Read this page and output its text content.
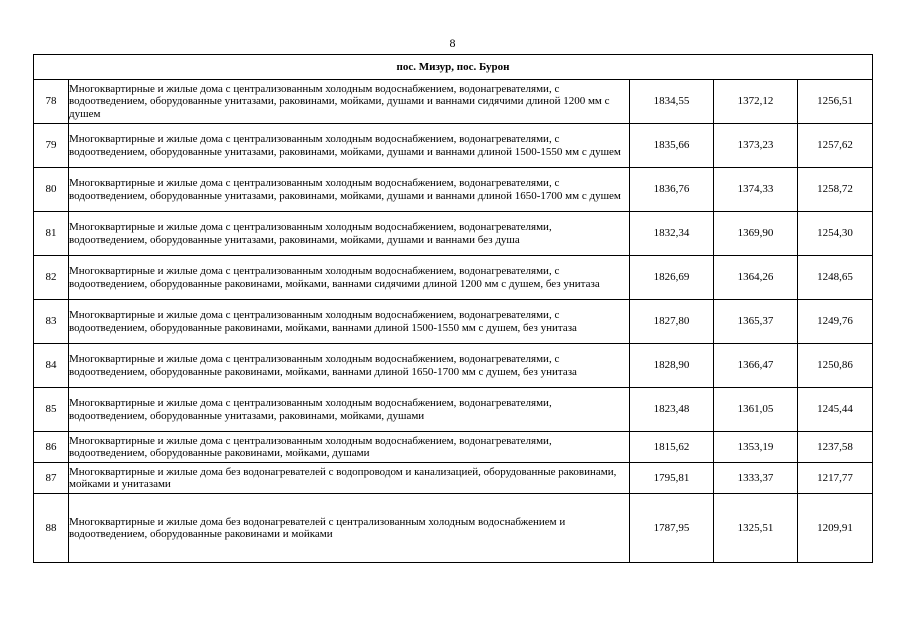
8
пос. Мизур, пос. Бурон				
78	Многоквартирные и жилые дома с централизованным холодным водоснабжением, водонагревателями, с водоотведением, оборудованные унитазами, раковинами, мойками, душами и ваннами сидячими длиной 1200 мм с душем	1834,55	1372,12	1256,51
79	Многоквартирные и жилые дома с централизованным холодным водоснабжением, водонагревателями, с водоотведением, оборудованные унитазами, раковинами, мойками, душами и ваннами длиной 1500-1550 мм с душем	1835,66	1373,23	1257,62
80	Многоквартирные и жилые дома с централизованным холодным водоснабжением, водонагревателями, с водоотведением, оборудованные унитазами, раковинами, мойками, душами и ваннами длиной 1650-1700 мм с душем	1836,76	1374,33	1258,72
81	Многоквартирные и жилые дома с централизованным холодным водоснабжением, водонагревателями, водоотведением, оборудованные унитазами, раковинами, мойками, душами и ваннами без душа	1832,34	1369,90	1254,30
82	Многоквартирные и жилые дома с централизованным холодным водоснабжением, водонагревателями, с водоотведением, оборудованные раковинами, мойками, ваннами сидячими длиной 1200 мм с душем, без унитаза	1826,69	1364,26	1248,65
83	Многоквартирные и жилые дома с централизованным холодным водоснабжением, водонагревателями, с водоотведением, оборудованные раковинами, мойками, ваннами длиной 1500-1550 мм с душем, без унитаза	1827,80	1365,37	1249,76
84	Многоквартирные и жилые дома с централизованным холодным водоснабжением, водонагревателями, с водоотведением, оборудованные раковинами, мойками, ваннами длиной 1650-1700 мм с душем, без унитаза	1828,90	1366,47	1250,86
85	Многоквартирные и жилые дома с централизованным холодным водоснабжением, водонагревателями, водоотведением, оборудованные унитазами, раковинами, мойками, душами	1823,48	1361,05	1245,44
86	Многоквартирные и жилые дома с централизованным холодным водоснабжением, водонагревателями, водоотведением, оборудованные раковинами, мойками, душами	1815,62	1353,19	1237,58
87	Многоквартирные и жилые дома без водонагревателей с водопроводом и канализацией, оборудованные раковинами, мойками и унитазами	1795,81	1333,37	1217,77
88	Многоквартирные и жилые дома без водонагревателей с централизованным холодным водоснабжением и водоотведением, оборудованные раковинами и мойками	1787,95	1325,51	1209,91
